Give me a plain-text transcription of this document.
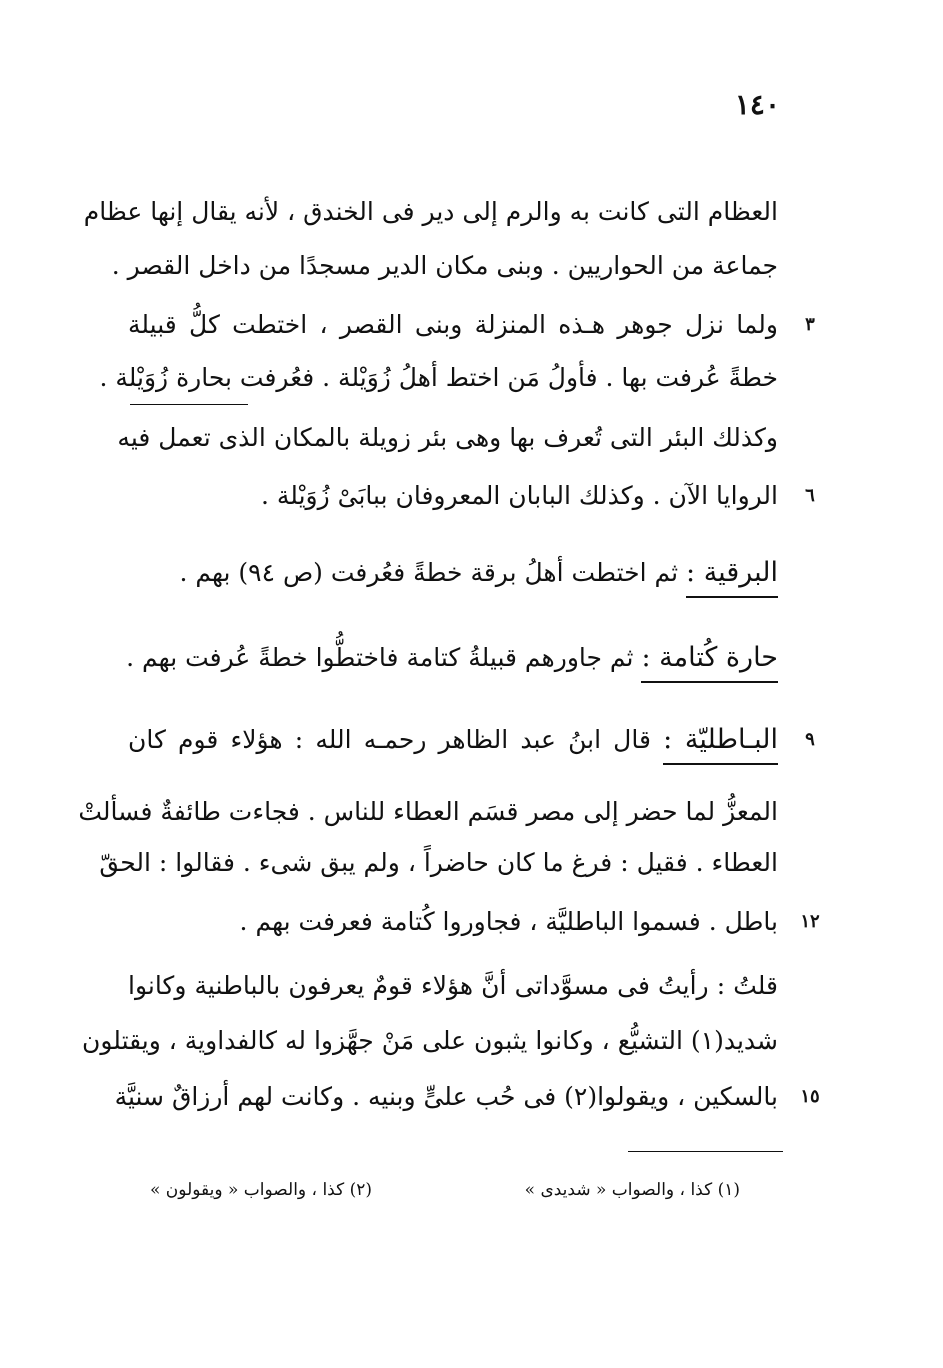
١٤٠
العظام التى كانت به والرم إلى دير فى الخندق ، لأنه يقال إنها عظام
جماعة من الحواريين . وبنى مكان الدير مسجدًا من داخل القصر .
٣
ولما نزل جوهر هـذه المنزلة وبنى القصر ، اختطت كلُّ قبيلة
خطةً عُرفت بها . فأولُ مَن اختط أهلُ زُوَيْلة . فعُرفت بحارة زُوَيْلة .
وكذلك البئر التى تُعرف بها وهى بئر زويلة بالمكان الذى تعمل فيه
٦
الروايا الآن . وكذلك البابان المعروفان ببابَىْ زُوَيْلة .
البرقية : ثم اختطت أهلُ برقة خطةً فعُرفت (ص ٩٤) بهم .
حارة كُتامة : ثم جاورهم قبيلةُ كتامة فاختطُّوا خطةً عُرفت بهم .
٩
البـاطليّة : قال ابنُ عبد الظاهر رحمـه الله : هؤلاء قوم كان
المعزُّ لما حضر إلى مصر قسَم العطاء للناس . فجاءت طائفةٌ فسألتْ
العطاء . فقيل : فرغ ما كان حاضراً ، ولم يبق شىء . فقالوا : الحقّ
١٢
باطل . فسموا الباطليَّة ، فجاوروا كُتامة فعرفت بهم .
قلتُ : رأيتُ فى مسوَّداتى أنَّ هؤلاء قومٌ يعرفون بالباطنية وكانوا
شديد(١) التشيُّع ، وكانوا يثبون على مَنْ جهَّزوا له كالفداوية ، ويقتلون
١٥
بالسكين ، ويقولوا(٢) فى حُب علىٍّ وبنيه . وكانت لهم أرزاقٌ سنيَّة
(١) كذا ، والصواب « شديدى »
(٢) كذا ، والصواب « ويقولون »
